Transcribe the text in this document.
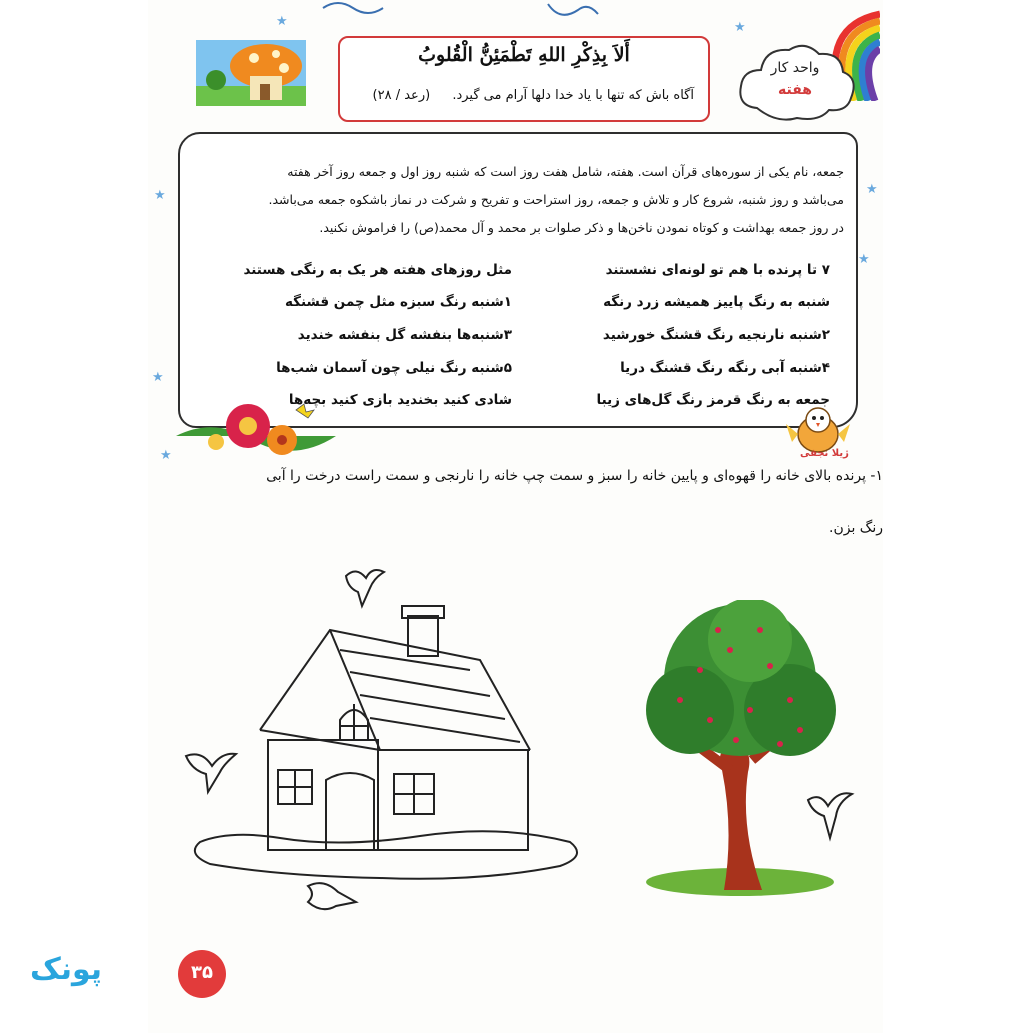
واحد کار
هفته
أَلاَ بِذِكْرِ اللهِ تَطْمَئِنُّ الْقُلوبُ
آگاه باش که تنها با یاد خدا دلها آرام می گیرد. (رعد / ۲۸)
★	★
★	★
★
★
★
جمعه، نام یکی از سوره‌های قرآن است. هفته، شامل هفت روز است که شنبه روز اول و جمعه روز آخر هفته
می‌باشد و روز شنبه، شروع کار و تلاش و جمعه، روز استراحت و تفریح و شرکت در نماز باشکوه جمعه می‌باشد.
در روز جمعه بهداشت و کوتاه نمودن ناخن‌ها و ذکر صلوات بر محمد و آل محمد(ص) را فراموش نکنید.
۷ تا پرنده با هم تو لونه‌ای نشستند
شنبه به رنگ پاییز همیشه زرد رنگه
۲شنبه نارنجیه رنگ قشنگ خورشید
۴شنبه آبی رنگه رنگ قشنگ دریا
جمعه به رنگ قرمز رنگ گل‌های زیبا
مثل روزهای هفته هر یک به رنگی هستند
۱شنبه رنگ سبزه مثل چمن قشنگه
۳شنبه‌ها بنفشه گل بنفشه خندید
۵شنبه رنگ نیلی چون آسمان شب‌ها
شادی کنید بخندید بازی کنید بچه‌ها
ژیلا نجفی
۱- پرنده بالای خانه را قهوه‌ای و پایین خانه را سبز و سمت چپ خانه را نارنجی و سمت راست درخت را آبی
رنگ بزن.
۳۵
پونک
